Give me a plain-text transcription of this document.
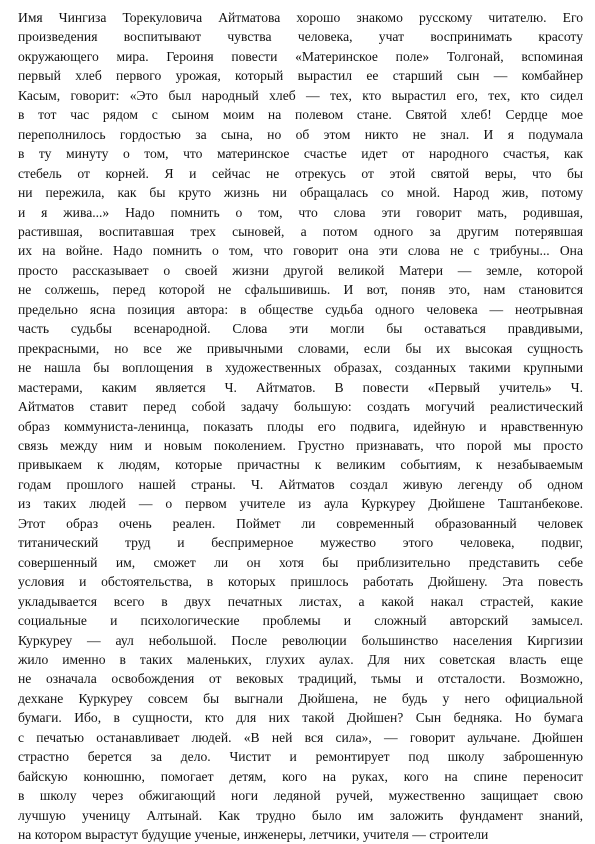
Имя Чингиза Торекуловича Айтматова хорошо знакомо русскому читателю. Его
произведения воспитывают чувства человека, учат воспринимать красоту
окружающего мира. Героиня повести «Материнское поле» Толгонай, вспоминая
первый хлеб первого урожая, который вырастил ее старший сын — комбайнер
Касым, говорит: «Это был народный хлеб — тех, кто вырастил его, тех, кто сидел
в тот час рядом с сыном моим на полевом стане. Святой хлеб! Сердце мое
переполнилось гордостью за сына, но об этом никто не знал. И я подумала
в ту минуту о том, что материнское счастье идет от народного счастья, как
стебель от корней. Я и сейчас не отрекусь от этой святой веры, что бы
ни пережила, как бы круто жизнь ни обращалась со мной. Народ жив, потому
и я жива...» Надо помнить о том, что слова эти говорит мать, родившая,
растившая, воспитавшая трех сыновей, а потом одного за другим потерявшая
их на войне. Надо помнить о том, что говорит она эти слова не с трибуны... Она
просто рассказывает о своей жизни другой великой Матери — земле, которой
не солжешь, перед которой не сфальшивишь. И вот, поняв это, нам становится
предельно ясна позиция автора: в обществе судьба одного человека — неотрывная
часть судьбы всенародной. Слова эти могли бы оставаться правдивыми,
прекрасными, но все же привычными словами, если бы их высокая сущность
не нашла бы воплощения в художественных образах, созданных такими крупными
мастерами, каким является Ч. Айтматов. В повести «Первый учитель» Ч.
Айтматов ставит перед собой задачу большую: создать могучий реалистический
образ коммуниста-ленинца, показать плоды его подвига, идейную и нравственную
связь между ним и новым поколением. Грустно признавать, что порой мы просто
привыкаем к людям, которые причастны к великим событиям, к незабываемым
годам прошлого нашей страны. Ч. Айтматов создал живую легенду об одном
из таких людей — о первом учителе из аула Куркуреу Дюйшене Таштанбекове.
Этот образ очень реален. Поймет ли современный образованный человек
титанический труд и беспримерное мужество этого человека, подвиг,
совершенный им, сможет ли он хотя бы приблизительно представить себе
условия и обстоятельства, в которых пришлось работать Дюйшену. Эта повесть
укладывается всего в двух печатных листах, а какой накал страстей, какие
социальные и психологические проблемы и сложный авторский замысел.
Куркуреу — аул небольшой. После революции большинство населения Киргизии
жило именно в таких маленьких, глухих аулах. Для них советская власть еще
не означала освобождения от вековых традиций, тьмы и отсталости. Возможно,
дехкане Куркуреу совсем бы выгнали Дюйшена, не будь у него официальной
бумаги. Ибо, в сущности, кто для них такой Дюйшен? Сын бедняка. Но бумага
с печатью останавливает людей. «В ней вся сила», — говорит аульчане. Дюйшен
страстно берется за дело. Чистит и ремонтирует под школу заброшенную
байскую конюшню, помогает детям, кого на руках, кого на спине переносит
в школу через обжигающий ноги ледяной ручей, мужественно защищает свою
лучшую ученицу Алтынай. Как трудно было им заложить фундамент знаний,
на котором вырастут будущие ученые, инженеры, летчики, учителя — строители
